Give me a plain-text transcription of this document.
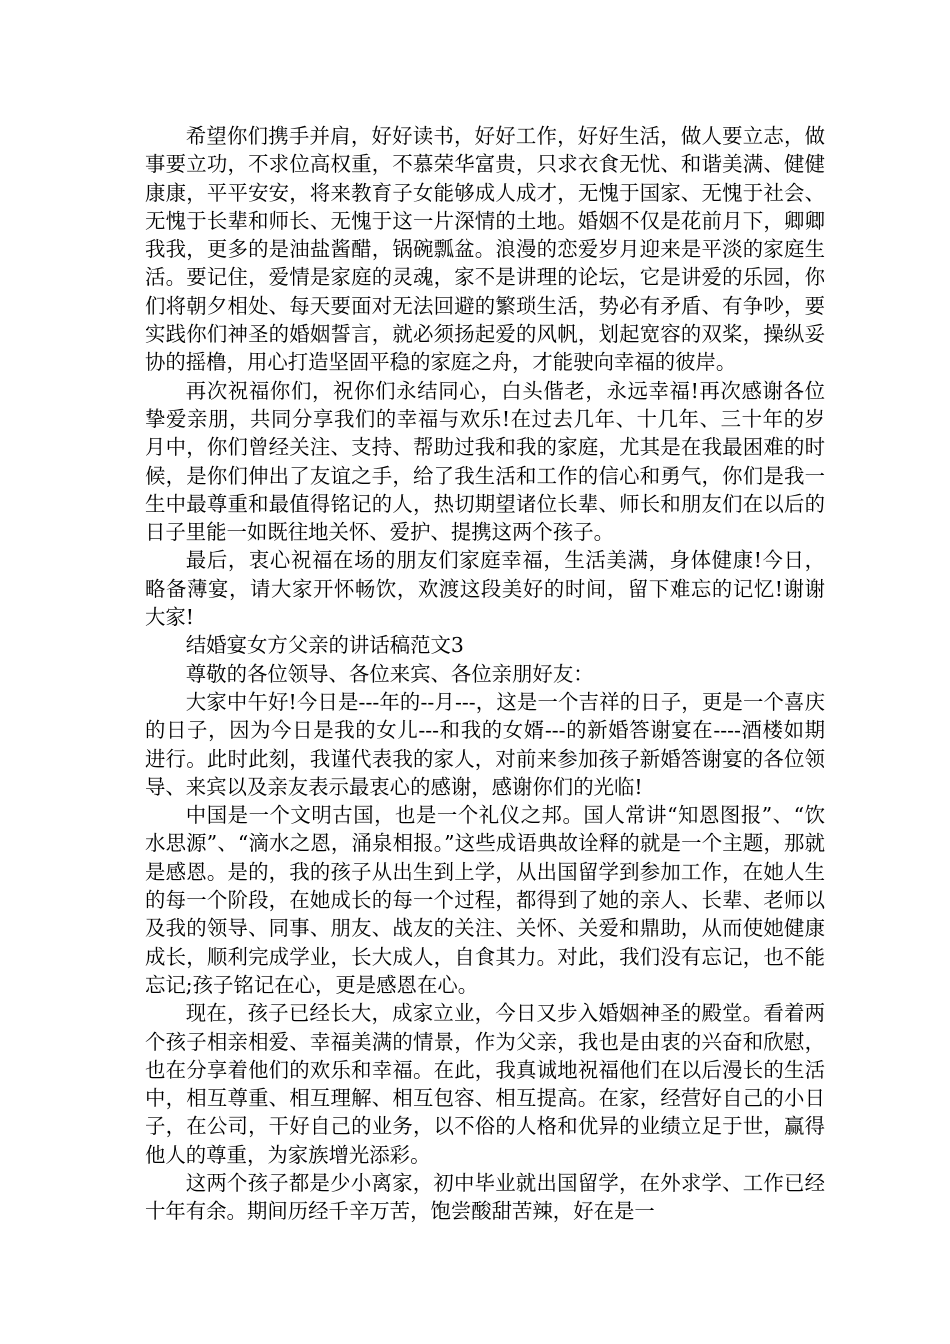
希望你们携手并肩，好好读书，好好工作，好好生活，做人要立志，做事要立功，不求位高权重，不慕荣华富贵，只求衣食无忧、和谐美满、健健康康，平平安安，将来教育子女能够成人成才，无愧于国家、无愧于社会、无愧于长辈和师长、无愧于这一片深情的土地。婚姻不仅是花前月下，卿卿我我，更多的是油盐酱醋，锅碗瓢盆。浪漫的恋爱岁月迎来是平淡的家庭生活。要记住，爱情是家庭的灵魂，家不是讲理的论坛，它是讲爱的乐园，你们将朝夕相处、每天要面对无法回避的繁琐生活，势必有矛盾、有争吵，要实践你们神圣的婚姻誓言，就必须扬起爱的风帆，划起宽容的双桨，操纵妥协的摇橹，用心打造坚固平稳的家庭之舟，才能驶向幸福的彼岸。

再次祝福你们，祝你们永结同心，白头偕老，永远幸福!再次感谢各位挚爱亲朋，共同分享我们的幸福与欢乐!在过去几年、十几年、三十年的岁月中，你们曾经关注、支持、帮助过我和我的家庭，尤其是在我最困难的时候，是你们伸出了友谊之手，给了我生活和工作的信心和勇气，你们是我一生中最尊重和最值得铭记的人，热切期望诸位长辈、师长和朋友们在以后的日子里能一如既往地关怀、爱护、提携这两个孩子。

最后，衷心祝福在场的朋友们家庭幸福，生活美满，身体健康!今日，略备薄宴，请大家开怀畅饮，欢渡这段美好的时间，留下难忘的记忆!谢谢大家!

结婚宴女方父亲的讲话稿范文3

尊敬的各位领导、各位来宾、各位亲朋好友：

大家中午好!今日是---年的--月---，这是一个吉祥的日子，更是一个喜庆的日子，因为今日是我的女儿---和我的女婿---的新婚答谢宴在----酒楼如期进行。此时此刻，我谨代表我的家人，对前来参加孩子新婚答谢宴的各位领导、来宾以及亲友表示最衷心的感谢，感谢你们的光临!

中国是一个文明古国，也是一个礼仪之邦。国人常讲“知恩图报”、“饮水思源”、“滴水之恩，涌泉相报。”这些成语典故诠释的就是一个主题，那就是感恩。是的，我的孩子从出生到上学，从出国留学到参加工作，在她人生的每一个阶段，在她成长的每一个过程，都得到了她的亲人、长辈、老师以及我的领导、同事、朋友、战友的关注、关怀、关爱和鼎助，从而使她健康成长，顺利完成学业，长大成人，自食其力。对此，我们没有忘记，也不能忘记;孩子铭记在心，更是感恩在心。

现在，孩子已经长大，成家立业，今日又步入婚姻神圣的殿堂。看着两个孩子相亲相爱、幸福美满的情景，作为父亲，我也是由衷的兴奋和欣慰，也在分享着他们的欢乐和幸福。在此，我真诚地祝福他们在以后漫长的生活中，相互尊重、相互理解、相互包容、相互提高。在家，经营好自己的小日子，在公司，干好自己的业务，以不俗的人格和优异的业绩立足于世，赢得他人的尊重，为家族增光添彩。

这两个孩子都是少小离家，初中毕业就出国留学，在外求学、工作已经十年有余。期间历经千辛万苦，饱尝酸甜苦辣，好在是一
